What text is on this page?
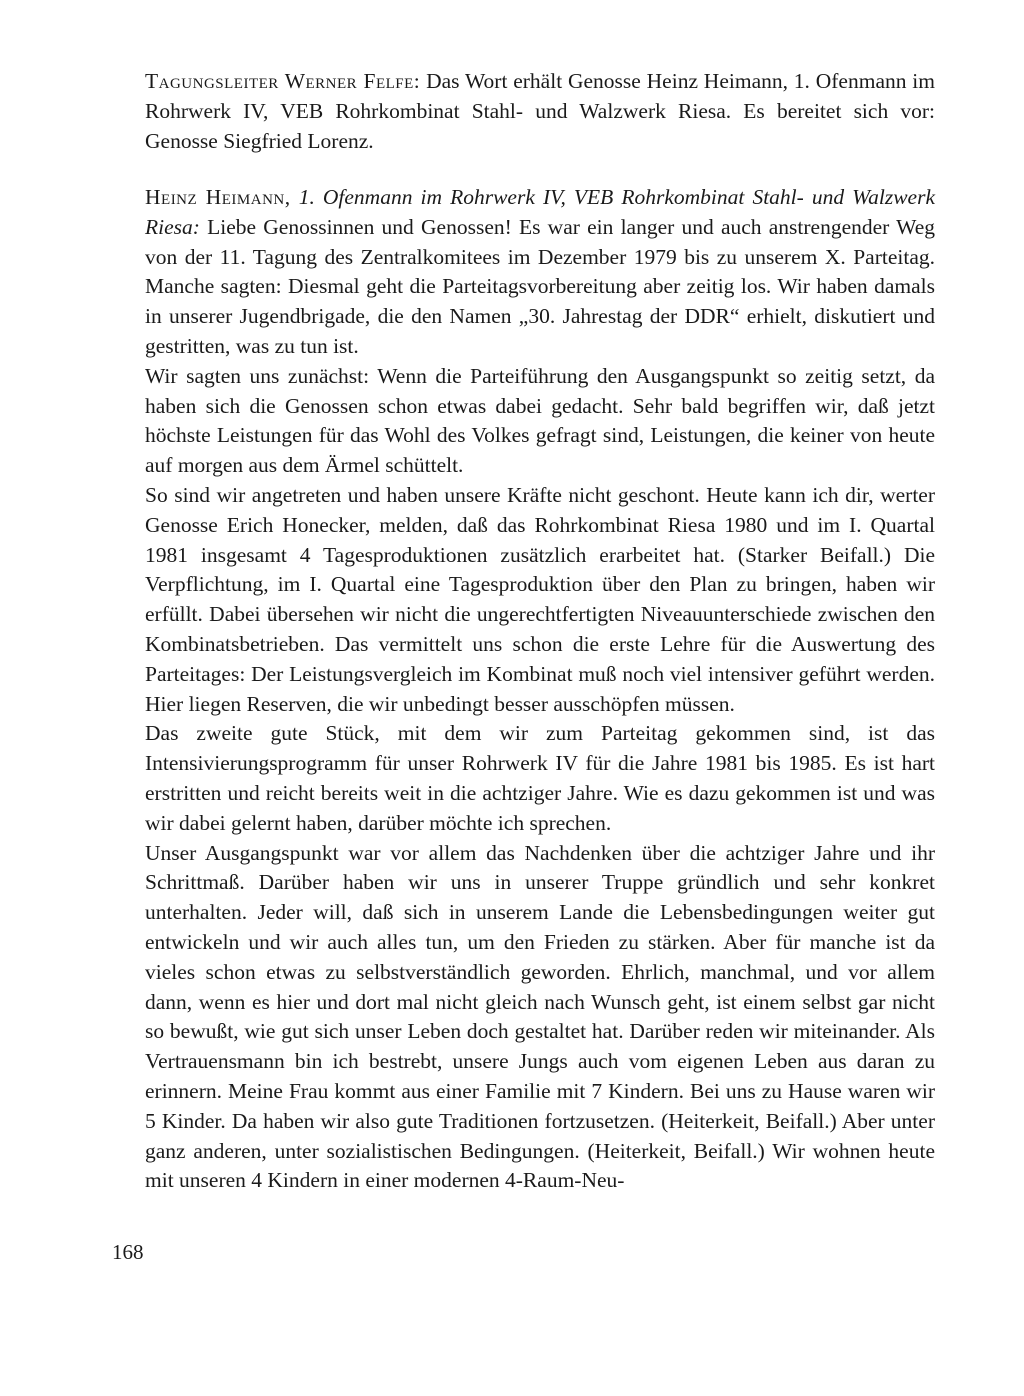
Tagungsleiter Werner Felfe: Das Wort erhält Genosse Heinz Heimann, 1. Ofenmann im Rohrwerk IV, VEB Rohrkombinat Stahl- und Walzwerk Riesa. Es bereitet sich vor: Genosse Siegfried Lorenz.

Heinz Heimann, 1. Ofenmann im Rohrwerk IV, VEB Rohrkombinat Stahl- und Walzwerk Riesa: Liebe Genossinnen und Genossen! Es war ein langer und auch anstrengender Weg von der 11. Tagung des Zentralkomitees im Dezember 1979 bis zu unserem X. Parteitag. Manche sagten: Diesmal geht die Parteitagsvorbereitung aber zeitig los. Wir haben damals in unserer Jugendbrigade, die den Namen „30. Jahrestag der DDR“ erhielt, diskutiert und gestritten, was zu tun ist.

Wir sagten uns zunächst: Wenn die Parteiführung den Ausgangspunkt so zeitig setzt, da haben sich die Genossen schon etwas dabei gedacht. Sehr bald begriffen wir, daß jetzt höchste Leistungen für das Wohl des Volkes gefragt sind, Leistungen, die keiner von heute auf morgen aus dem Ärmel schüttelt.

So sind wir angetreten und haben unsere Kräfte nicht geschont. Heute kann ich dir, werter Genosse Erich Honecker, melden, daß das Rohrkombinat Riesa 1980 und im I. Quartal 1981 insgesamt 4 Tagesproduktionen zusätzlich erarbeitet hat. (Starker Beifall.) Die Verpflichtung, im I. Quartal eine Tagesproduktion über den Plan zu bringen, haben wir erfüllt. Dabei übersehen wir nicht die ungerechtfertigten Niveauunterschiede zwischen den Kombinatsbetrieben. Das vermittelt uns schon die erste Lehre für die Auswertung des Parteitages: Der Leistungsvergleich im Kombinat muß noch viel intensiver geführt werden. Hier liegen Reserven, die wir unbedingt besser ausschöpfen müssen.

Das zweite gute Stück, mit dem wir zum Parteitag gekommen sind, ist das Intensivierungsprogramm für unser Rohrwerk IV für die Jahre 1981 bis 1985. Es ist hart erstritten und reicht bereits weit in die achtziger Jahre. Wie es dazu gekommen ist und was wir dabei gelernt haben, darüber möchte ich sprechen.

Unser Ausgangspunkt war vor allem das Nachdenken über die achtziger Jahre und ihr Schrittmaß. Darüber haben wir uns in unserer Truppe gründlich und sehr konkret unterhalten. Jeder will, daß sich in unserem Lande die Lebensbedingungen weiter gut entwickeln und wir auch alles tun, um den Frieden zu stärken. Aber für manche ist da vieles schon etwas zu selbstverständlich geworden. Ehrlich, manchmal, und vor allem dann, wenn es hier und dort mal nicht gleich nach Wunsch geht, ist einem selbst gar nicht so bewußt, wie gut sich unser Leben doch gestaltet hat. Darüber reden wir miteinander. Als Vertrauensmann bin ich bestrebt, unsere Jungs auch vom eigenen Leben aus daran zu erinnern. Meine Frau kommt aus einer Familie mit 7 Kindern. Bei uns zu Hause waren wir 5 Kinder. Da haben wir also gute Traditionen fortzusetzen. (Heiterkeit, Beifall.) Aber unter ganz anderen, unter sozialistischen Bedingungen. (Heiterkeit, Beifall.) Wir wohnen heute mit unseren 4 Kindern in einer modernen 4-Raum-Neu-

168
